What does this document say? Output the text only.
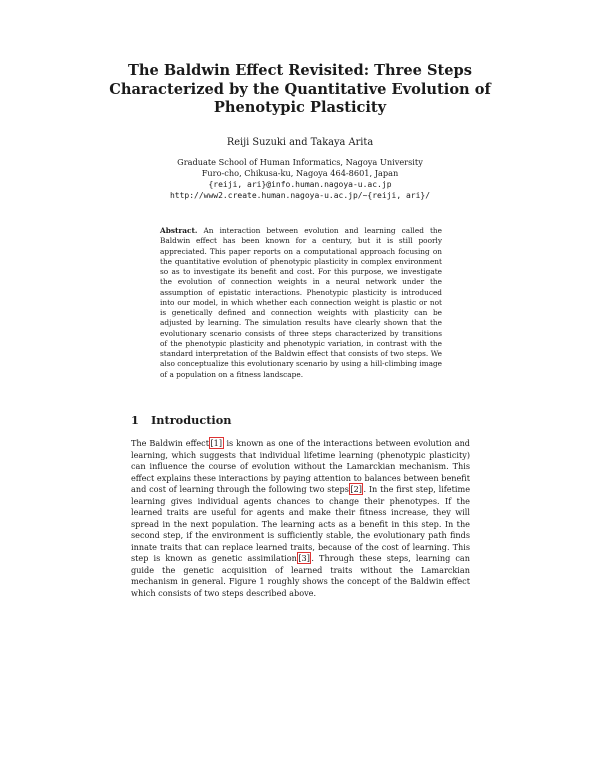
The Baldwin Effect Revisited: Three Steps
Characterized by the Quantitative Evolution of
Phenotypic Plasticity
Reiji Suzuki and Takaya Arita
Graduate School of Human Informatics, Nagoya University
Furo-cho, Chikusa-ku, Nagoya 464-8601, Japan
{reiji, ari}@info.human.nagoya-u.ac.jp
http://www2.create.human.nagoya-u.ac.jp/~{reiji, ari}/
Abstract. An interaction between evolution and learning called the Baldwin effect has been known for a century, but it is still poorly appreciated. This paper reports on a computational approach focusing on the quantitative evolution of phenotypic plasticity in complex environment so as to investigate its benefit and cost. For this purpose, we investigate the evolution of connection weights in a neural network under the assumption of epistatic interactions. Phenotypic plasticity is introduced into our model, in which whether each connection weight is plastic or not is genetically defined and connection weights with plasticity can be adjusted by learning. The simulation results have clearly shown that the evolutionary scenario consists of three steps characterized by transitions of the phenotypic plasticity and phenotypic variation, in contrast with the standard interpretation of the Baldwin effect that consists of two steps. We also conceptualize this evolutionary scenario by using a hill-climbing image of a population on a fitness landscape.
1 Introduction
The Baldwin effect [1] is known as one of the interactions between evolution and learning, which suggests that individual lifetime learning (phenotypic plasticity) can influence the course of evolution without the Lamarckian mechanism. This effect explains these interactions by paying attention to balances between benefit and cost of learning through the following two steps [2] . In the first step, lifetime learning gives individual agents chances to change their phenotypes. If the learned traits are useful for agents and make their fitness increase, they will spread in the next population. The learning acts as a benefit in this step. In the second step, if the environment is sufficiently stable, the evolutionary path finds innate traits that can replace learned traits, because of the cost of learning. This step is known as genetic assimilation [3] . Through these steps, learning can guide the genetic acquisition of learned traits without the Lamarckian mechanism in general. Figure 1 roughly shows the concept of the Baldwin effect which consists of two steps described above.
